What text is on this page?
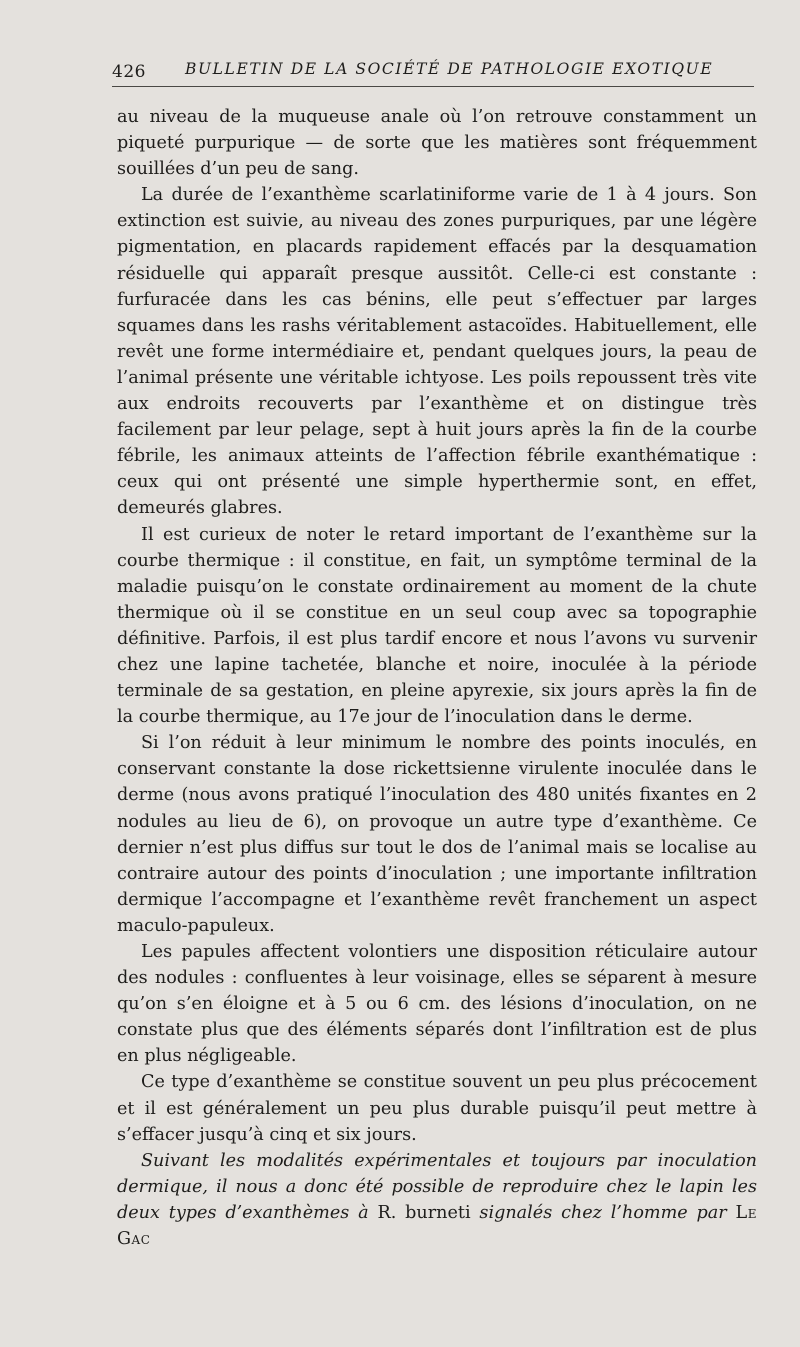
426	BULLETIN DE LA SOCIÉTÉ DE PATHOLOGIE EXOTIQUE

au niveau de la muqueuse anale où l’on retrouve constamment un piqueté purpurique — de sorte que les matières sont fréquemment souillées d’un peu de sang.

La durée de l’exanthème scarlatiniforme varie de 1 à 4 jours. Son extinction est suivie, au niveau des zones purpuriques, par une légère pigmentation, en placards rapidement effacés par la desquamation résiduelle qui apparaît presque aussitôt. Celle-ci est constante : furfuracée dans les cas bénins, elle peut s’effectuer par larges squames dans les rashs véritablement astacoïdes. Habituellement, elle revêt une forme intermédiaire et, pendant quelques jours, la peau de l’animal présente une véritable ichtyose. Les poils repoussent très vite aux endroits recouverts par l’exanthème et on distingue très facilement par leur pelage, sept à huit jours après la fin de la courbe fébrile, les animaux atteints de l’affection fébrile exanthématique : ceux qui ont présenté une simple hyperthermie sont, en effet, demeurés glabres.

Il est curieux de noter le retard important de l’exanthème sur la courbe thermique : il constitue, en fait, un symptôme terminal de la maladie puisqu’on le constate ordinairement au moment de la chute thermique où il se constitue en un seul coup avec sa topographie définitive. Parfois, il est plus tardif encore et nous l’avons vu survenir chez une lapine tachetée, blanche et noire, inoculée à la période terminale de sa gestation, en pleine apyrexie, six jours après la fin de la courbe thermique, au 17e jour de l’inoculation dans le derme.

Si l’on réduit à leur minimum le nombre des points inoculés, en conservant constante la dose rickettsienne virulente inoculée dans le derme (nous avons pratiqué l’inoculation des 480 unités fixantes en 2 nodules au lieu de 6), on provoque un autre type d’exanthème. Ce dernier n’est plus diffus sur tout le dos de l’animal mais se localise au contraire autour des points d’inoculation ; une importante infiltration dermique l’accompagne et l’exanthème revêt franchement un aspect maculo-papuleux.

Les papules affectent volontiers une disposition réticulaire autour des nodules : confluentes à leur voisinage, elles se séparent à mesure qu’on s’en éloigne et à 5 ou 6 cm. des lésions d’inoculation, on ne constate plus que des éléments séparés dont l’infiltration est de plus en plus négligeable.

Ce type d’exanthème se constitue souvent un peu plus précocement et il est généralement un peu plus durable puisqu’il peut mettre à s’effacer jusqu’à cinq et six jours.

Suivant les modalités expérimentales et toujours par inoculation dermique, il nous a donc été possible de reproduire chez le lapin les deux types d’exanthèmes à R. burneti signalés chez l’homme par Le Gac
